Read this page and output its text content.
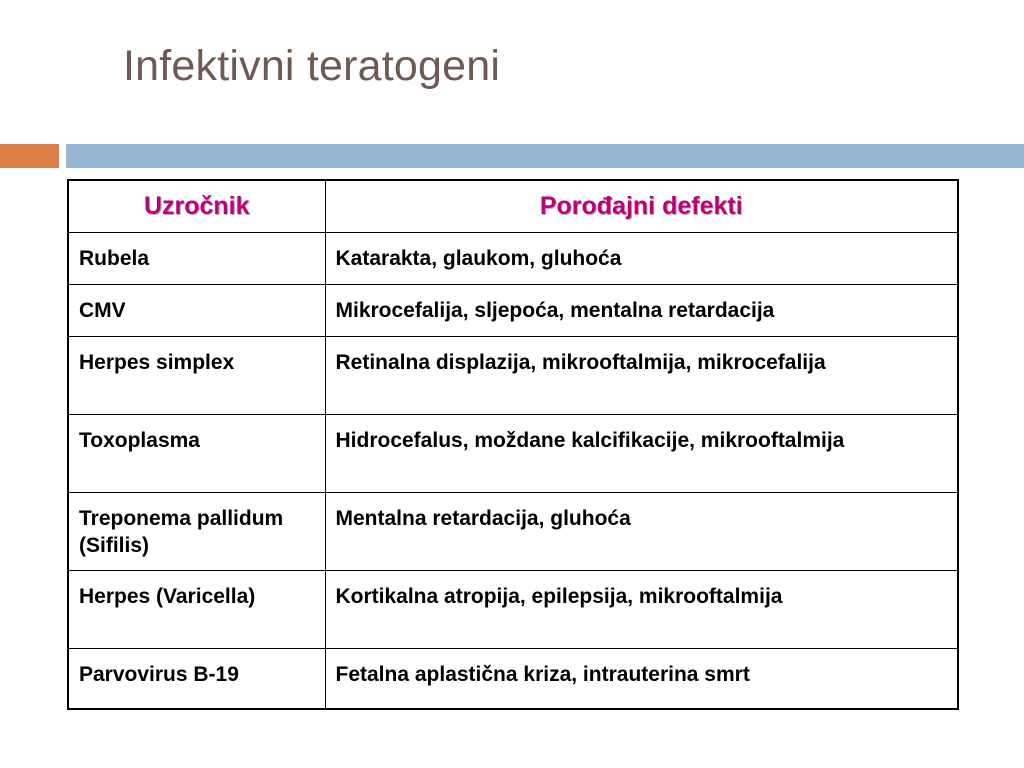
Infektivni teratogeni
Uzročnik	Porođajni defekti
Rubela	Katarakta, glaukom, gluhoća
CMV	Mikrocefalija, sljepoća, mentalna retardacija
Herpes simplex	Retinalna displazija, mikrooftalmija, mikrocefalija
Toxoplasma	Hidrocefalus, moždane kalcifikacije, mikrooftalmija
Treponema pallidum (Sifilis)	Mentalna retardacija, gluhoća
Herpes (Varicella)	Kortikalna atropija, epilepsija, mikrooftalmija
Parvovirus B-19	Fetalna aplastična kriza, intrauterina smrt
